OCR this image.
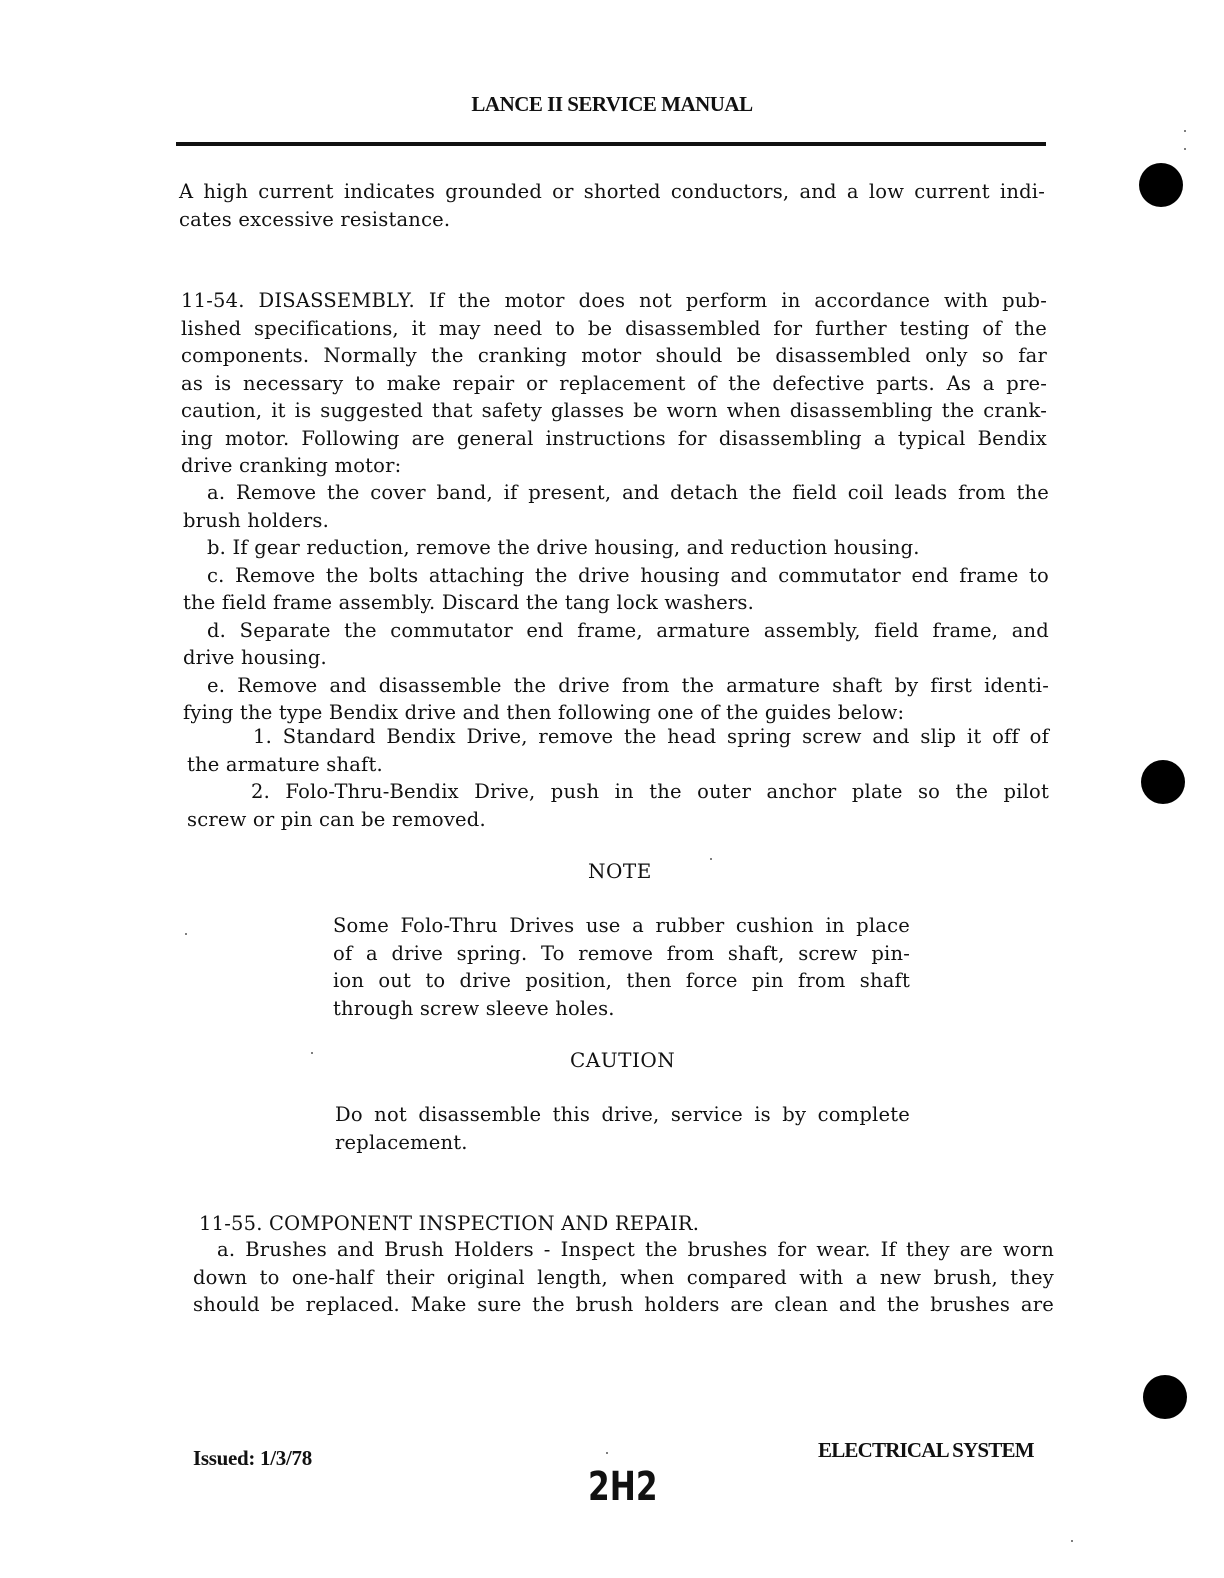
LANCE II SERVICE MANUAL
A high current indicates grounded or shorted conductors, and a low current indi-
cates excessive resistance.
11-54. DISASSEMBLY. If the motor does not perform in accordance with pub-
lished specifications, it may need to be disassembled for further testing of the
components. Normally the cranking motor should be disassembled only so far
as is necessary to make repair or replacement of the defective parts. As a pre-
caution, it is suggested that safety glasses be worn when disassembling the crank-
ing motor. Following are general instructions for disassembling a typical Bendix
drive cranking motor:
a. Remove the cover band, if present, and detach the field coil leads from the
brush holders.
b. If gear reduction, remove the drive housing, and reduction housing.
c. Remove the bolts attaching the drive housing and commutator end frame to
the field frame assembly. Discard the tang lock washers.
d. Separate the commutator end frame, armature assembly, field frame, and
drive housing.
e. Remove and disassemble the drive from the armature shaft by first identi-
fying the type Bendix drive and then following one of the guides below:
1. Standard Bendix Drive, remove the head spring screw and slip it off of
the armature shaft.
2. Folo-Thru-Bendix Drive, push in the outer anchor plate so the pilot
screw or pin can be removed.
NOTE
Some Folo-Thru Drives use a rubber cushion in place
of a drive spring. To remove from shaft, screw pin-
ion out to drive position, then force pin from shaft
through screw sleeve holes.
CAUTION
Do not disassemble this drive, service is by complete
replacement.
11-55. COMPONENT INSPECTION AND REPAIR.
a. Brushes and Brush Holders - Inspect the brushes for wear. If they are worn
down to one-half their original length, when compared with a new brush, they
should be replaced. Make sure the brush holders are clean and the brushes are
Issued: 1/3/78	ELECTRICAL SYSTEM
2H2
